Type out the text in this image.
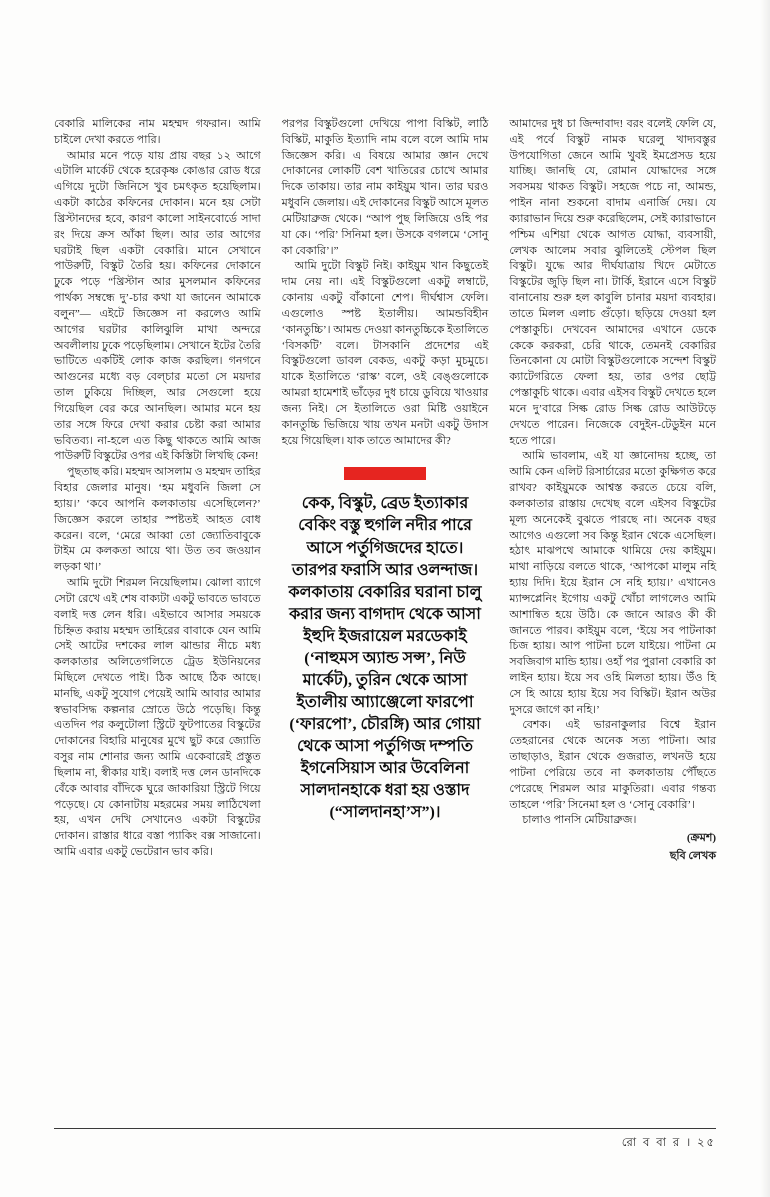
বেকারি মালিকের নাম মহম্মদ গফরান। আমি চাইলে দেখা করতে পারি।

আমার মনে পড়ে যায় প্রায় বছর ১২ আগে এটালি মার্কেট থেকে হরেকৃষ্ণ কোঙার রোড ধরে এগিয়ে দুটো জিনিসে খুব চমৎকৃত হয়েছিলাম। একটা কাঠের কফিনের দোকান। মনে হয় সেটা খ্রিস্টানদের হবে, কারণ কালো সাইনবোর্ডে সাদা রং দিয়ে ক্রস আঁকা ছিল। আর তার আগের ঘরটাই ছিল একটা বেকারি। মানে সেখানে পাউরুটি, বিস্কুট তৈরি হয়। কফিনের দোকানে ঢুকে পড়ে “খ্রিস্টান আর মুসলমান কফিনের পার্থক্য সম্বন্ধে দু’-চার কথা যা জানেন আমাকে বলুন”— এইটে জিজ্ঞেস না করলেও আমি আগের ঘরটার কালিঝুলি মাখা অন্দরে অবলীলায় ঢুকে পড়েছিলাম। সেখানে ইটের তৈরি ভাটিতে একটিই লোক কাজ করছিল। গনগনে আগুনের মধ্যে বড় বেল্‌চার মতো সে ময়দার তাল ঢুকিয়ে দিচ্ছিল, আর সেগুলো হয়ে গিয়েছিল বের করে আনছিল। আমার মনে হয় তার সঙ্গে ফিরে দেখা করার চেষ্টা করা আমার ভবিতব্য। না-হলে এত কিছু থাকতে আমি আজ পাউরুটি বিস্কুটের ওপর এই কিস্তিটা লিখছি কেন!

পুছতাছ করি। মহম্মদ আসলাম ও মহম্মদ তাহির বিহার জেলার মানুষ। ‘হম মধুবনি জিলা সে হ্যায়।’ ‘কবে আপনি কলকাতায় এসেছিলেন?’ জিজ্ঞেস করলে তাহার স্পষ্টতই আহত বোধ করেন। বলে, ‘মেরে আব্বা তো জ্যোতিবাবুকে টাইম মে কলকতা আয়ে থা। উত তব জওয়ান লড়কা থা।’

আমি দুটো শিরমল নিয়েছিলাম। ঝোলা ব্যাগে সেটা রেখে এই শেষ বাক্যটা একটু ভাবতে ভাবতে বলাই দত্ত লেন ধরি। এইভাবে আসার সময়কে চিহ্নিত করায় মহম্মদ তাহিরের বাবাকে যেন আমি সেই আটের দশকের লাল ঝান্ডার নীচে মধ্য কলকাতার অলিতেগলিতে ট্রেড ইউনিয়নের মিছিলে দেখতে পাই। ঠিক আছে ঠিক আছে। মানছি, একটু সুযোগ পেয়েই আমি আবার আমার স্বভাবসিদ্ধ কল্পনার স্রোতে উঠে পড়েছি। কিন্তু এতদিন পর কলুটোলা স্ট্রিটে ফুটপাতের বিস্কুটের দোকানের বিহারি মানুষের মুখে ছুট করে জ্যোতি বসুর নাম শোনার জন্য আমি একেবারেই প্রস্তুত ছিলাম না, স্বীকার যাই। বলাই দত্ত লেন ডানদিকে বেঁকে আবার বাঁদিকে ঘুরে জাকারিয়া স্ট্রিটে গিয়ে পড়েছে। যে কোনাটায় মহরমের সময় লাঠিখেলা হয়, এখন দেখি সেখানেও একটা বিস্কুটের দোকান। রাস্তার ধারে বস্তা প্যাকিং বক্স সাজানো। আমি এবার একটু ভেটেরান ভাব করি।

পরপর বিস্কুটগুলো দেখিয়ে পাপা বিস্কিট, লাঠি বিস্কিট, মাকুতি ইত্যাদি নাম বলে বলে আমি দাম জিজ্ঞেস করি। এ বিষয়ে আমার জ্ঞান দেখে দোকানের লোকটি বেশ খাতিরের চোখে আমার দিকে তাকায়। তার নাম কাইয়ুম খান। তার ঘরও মধুবনি জেলায়। এই দোকানের বিস্কুট আসে মূলত মেটিয়াব্রুজ থেকে। “আপ পুছ লিজিয়ে ওহি পর যা কে। ‘পরি’ সিনিমা হল। উসকে বগলমে ‘সোনু কা বেকারি’।”

আমি দুটো বিস্কুট নিই। কাইয়ুম খান কিছুতেই দাম নেয় না। এই বিস্কুটগুলো একটু লম্বাটে, কোনায় একটু বাঁকানো শেপ। দীর্ঘশ্বাস ফেলি। এগুলোও স্পষ্ট ইতালীয়। আমন্ডবিহীন ‘কানতুচ্চি’। আমন্ড দেওয়া কানতুচ্চিকে ইতালিতে ‘বিসকটি’ বলে। টাসকানি প্রদেশের এই বিস্কুটগুলো ডাবল বেকড, একটু কড়া মুচমুচে। যাকে ইতালিতে ‘রাস্ক’ বলে, ওই বেঙ্গুলোকে আমরা হামেশাই ভাঁড়ের দুধ চায়ে ডুবিয়ে খাওয়ার জন্য নিই। সে ইতালিতে ওরা মিষ্টি ওয়াইনে কানতুচ্চি ভিজিয়ে খায় তখন মনটা একটু উদাস হয়ে গিয়েছিল। যাক তাতে আমাদের কী?

কেক, বিস্কুট, ব্রেড ইত্যাকার বেকিং বস্তু হুগলি নদীর পারে আসে পর্তুগিজদের হাতে। তারপর ফরাসি আর ওলন্দাজ। কলকাতায় বেকারির ঘরানা চালু করার জন্য বাগদাদ থেকে আসা ইহুদি ইজরায়েল মরডেকাই (‘নাহুমস অ্যান্ড সন্স’, নিউ মার্কেট), তুরিন থেকে আসা ইতালীয় আ্যাঞ্জেলো ফারপো (‘ফারপো’, চৌরঙ্গি) আর গোয়া থেকে আসা পর্তুগিজ দম্পতি ইগনেসিয়াস আর উবেলিনা সালদানহাকে ধরা হয় ওস্তাদ (“সালদানহা’স”)।

আমাদের দুধ চা জিন্দাবাদ! বরং বলেই ফেলি যে, এই পর্বে বিস্কুট নামক ঘরেলু খাদ্যবস্তুর উপযোগিতা জেনে আমি খুবই ইমপ্রেসড হয়ে যাচ্ছি। জানছি যে, রোমান যোদ্ধাদের সঙ্গে সবসময় থাকত বিস্কুট। সহজে পচে না, আমন্ড, পাইন নানা শুকনো বাদাম এনার্জি দেয়। যে ক্যারাভান দিয়ে শুরু করেছিলেম, সেই ক্যারাভানে পশ্চিম এশিয়া থেকে আগত যোদ্ধা, ব্যবসায়ী, লেখক আলেম সবার ঝুলিতেই স্টেপল ছিল বিস্কুট। যুদ্ধে আর দীর্ঘযাত্রায় খিদে মেটাতে বিস্কুটের জুড়ি ছিল না। টার্কি, ইরানে এসে বিস্কুট বানানোয় শুরু হল কাবুলি চানার ময়দা ব্যবহার। তাতে মিলল এলাচ গুঁড়ো। ছড়িয়ে দেওয়া হল পেস্তাকুচি। দেখবেন আমাদের এখানে ডেকে কেকে করকরা, চেরি থাকে, তেমনই বেকারির তিনকোনা যে মোটা বিস্কুটগুলোকে সন্দেশ বিস্কুট ক্যাটেগরিতে ফেলা হয়, তার ওপর ছোট্ট পেস্তাকুচি থাকে। এবার এইসব বিস্কুট দেখতে হলে মনে দু’বারে সিল্ক রোড সিল্ক রোড আউটড়ে দেখতে পারেন। নিজেকে বেদুইন-টেডুইন মনে হতে পারে।

আমি ভাবলাম, এই যা জ্ঞানোদয় হচ্ছে, তা আমি কেন এলিট রিসার্চারের মতো কুক্ষিগত করে রাখব? কাইয়ুমকে আশ্বস্ত করতে চেয়ে বলি, কলকাতার রাস্তায় দেখেছ বলে এইসব বিস্কুটের মূল্য অনেকেই বুঝতে পারছে না। অনেক বছর আগেও এগুলো সব কিন্তু ইরান থেকে এসেছিল। হঠাৎ মাঝপথে আমাকে থামিয়ে দেয় কাইয়ুম। মাথা নাড়িয়ে বলতে থাকে, ‘আপকো মালুম নহি হ্যায় দিদি। ইয়ে ইরান সে নহি হ্যায়।’ এখানেও ম্যান্সপ্লেনিং ইগোয় একটু খোঁচা লাগলেও আমি আশান্বিত হয়ে উঠি। কে জানে আরও কী কী জানতে পারব। কাইয়ুম বলে, ‘ইয়ে সব পাটনাকা চিজ হ্যায়। আপ পাটনা চলে যাইয়ে। পাটনা মে সবজিবাগ মান্ডি হ্যায়। ওহাঁ পর পুরানা বেকারি কা লাইন হ্যায়। ইয়ে সব ওহি মিলতা হ্যায়। উঁও হি সে হি আয়ে হ্যায় ইয়ে সব বিস্কিট। ইরান অউর দুসরে জাগে কা নহি।’

বেশক। এই ভারনাকুলার বিশ্বে ইরান তেহরানের থেকে অনেক সত্য পাটনা। আর তাছাড়াও, ইরান থেকে গুজরাত, লখনউ হয়ে পাটনা পেরিয়ে তবে না কলকাতায় পৌঁছতে পেরেছে শিরমল আর মাকুতিরা। এবার গন্তব্য তাহলে ‘পরি’ সিনেমা হল ও ‘সোনু বেকারি’।

চালাও পানসি মেটিয়াব্রুজ।

(ক্রমশ)

ছবি লেখক

রো ব বা র । ২৫
